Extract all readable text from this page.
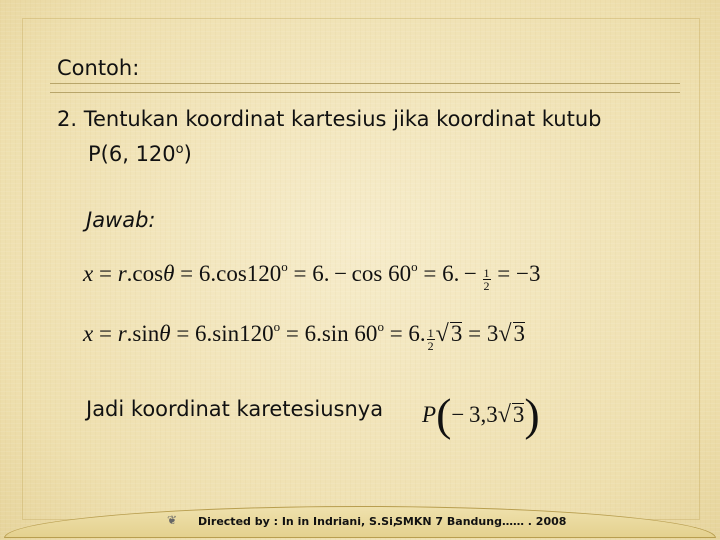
Contoh:
2. Tentukan koordinat kartesius jika koordinat kutub
P(6, 120$^o$)
Jawab:
$x = r.\cos\theta = 6.\cos 120^o = 6$. − $\cos 60^o = 6$. −  $\frac{1}{2} = -3$
$x = r.\sin\theta = 6.\sin 120^o = 6.\sin$ $60^o = 6$. $\frac{1}{2} √3 = 3√3$
Jadi koordinat karetesiusnya P(− 3,3√3)
❦ Directed by : In in Indriani, S.Si,
SMKN 7 Bandung…… . 2008
